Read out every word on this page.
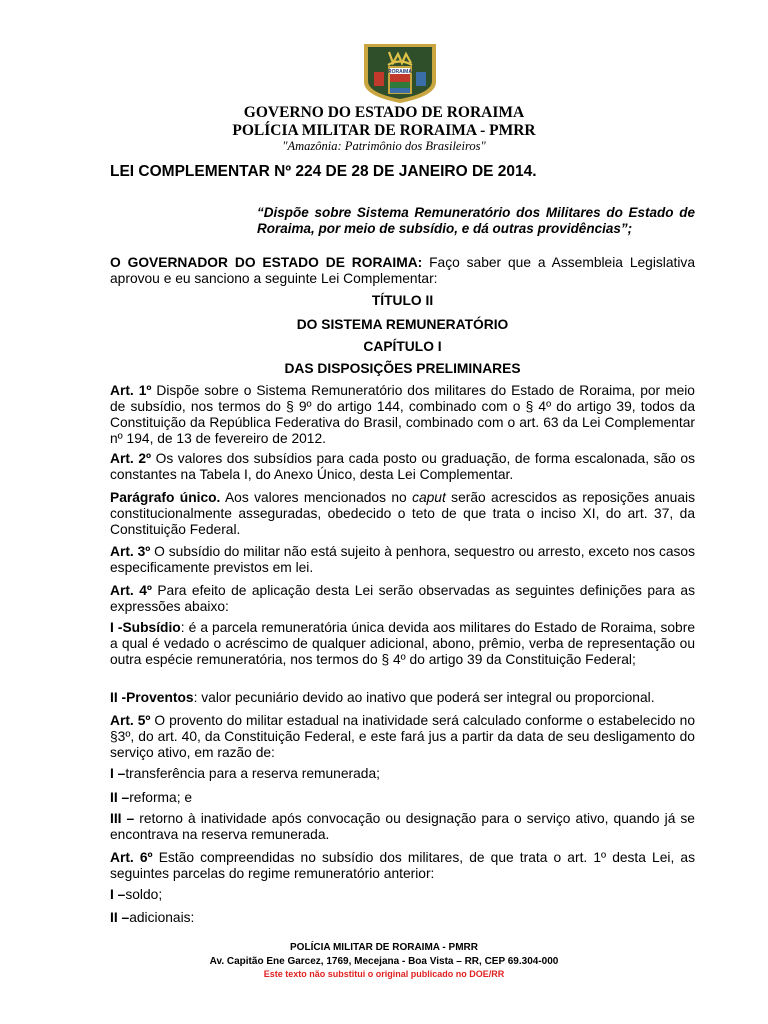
RORAIMA
GOVERNO DO ESTADO DE RORAIMA
POLÍCIA MILITAR DE RORAIMA - PMRR
"Amazônia: Patrimônio dos Brasileiros"
LEI COMPLEMENTAR Nº 224 DE 28 DE JANEIRO DE 2014.
“Dispõe sobre Sistema Remuneratório dos Militares do Estado de Roraima, por meio de subsídio, e dá outras providências”;
O GOVERNADOR DO ESTADO DE RORAIMA: Faço saber que a Assembleia Legislativa aprovou e eu sanciono a seguinte Lei Complementar:
TÍTULO II
DO SISTEMA REMUNERATÓRIO
CAPÍTULO I
DAS DISPOSIÇÕES PRELIMINARES
Art. 1º Dispõe sobre o Sistema Remuneratório dos militares do Estado de Roraima, por meio de subsídio, nos termos do § 9º do artigo 144, combinado com o § 4º do artigo 39, todos da Constituição da República Federativa do Brasil, combinado com o art. 63 da Lei Complementar nº 194, de 13 de fevereiro de 2012.
Art. 2º Os valores dos subsídios para cada posto ou graduação, de forma escalonada, são os constantes na Tabela I, do Anexo Único, desta Lei Complementar.
Parágrafo único. Aos valores mencionados no caput serão acrescidos as reposições anuais constitucionalmente asseguradas, obedecido o teto de que trata o inciso XI, do art. 37, da Constituição Federal.
Art. 3º O subsídio do militar não está sujeito à penhora, sequestro ou arresto, exceto nos casos especificamente previstos em lei.
Art. 4º Para efeito de aplicação desta Lei serão observadas as seguintes definições para as expressões abaixo:
I -Subsídio: é a parcela remuneratória única devida aos militares do Estado de Roraima, sobre a qual é vedado o acréscimo de qualquer adicional, abono, prêmio, verba de representação ou outra espécie remuneratória, nos termos do § 4º do artigo 39 da Constituição Federal;
II -Proventos: valor pecuniário devido ao inativo que poderá ser integral ou proporcional.
Art. 5º O provento do militar estadual na inatividade será calculado conforme o estabelecido no §3º, do art. 40, da Constituição Federal, e este fará jus a partir da data de seu desligamento do serviço ativo, em razão de:
I –transferência para a reserva remunerada;
II –reforma; e
III – retorno à inatividade após convocação ou designação para o serviço ativo, quando já se encontrava na reserva remunerada.
Art. 6º Estão compreendidas no subsídio dos militares, de que trata o art. 1º desta Lei, as seguintes parcelas do regime remuneratório anterior:
I –soldo;
II –adicionais:
POLÍCIA MILITAR DE RORAIMA - PMRR
Av. Capitão Ene Garcez, 1769, Mecejana - Boa Vista – RR, CEP 69.304-000
Este texto não substitui o original publicado no DOE/RR
